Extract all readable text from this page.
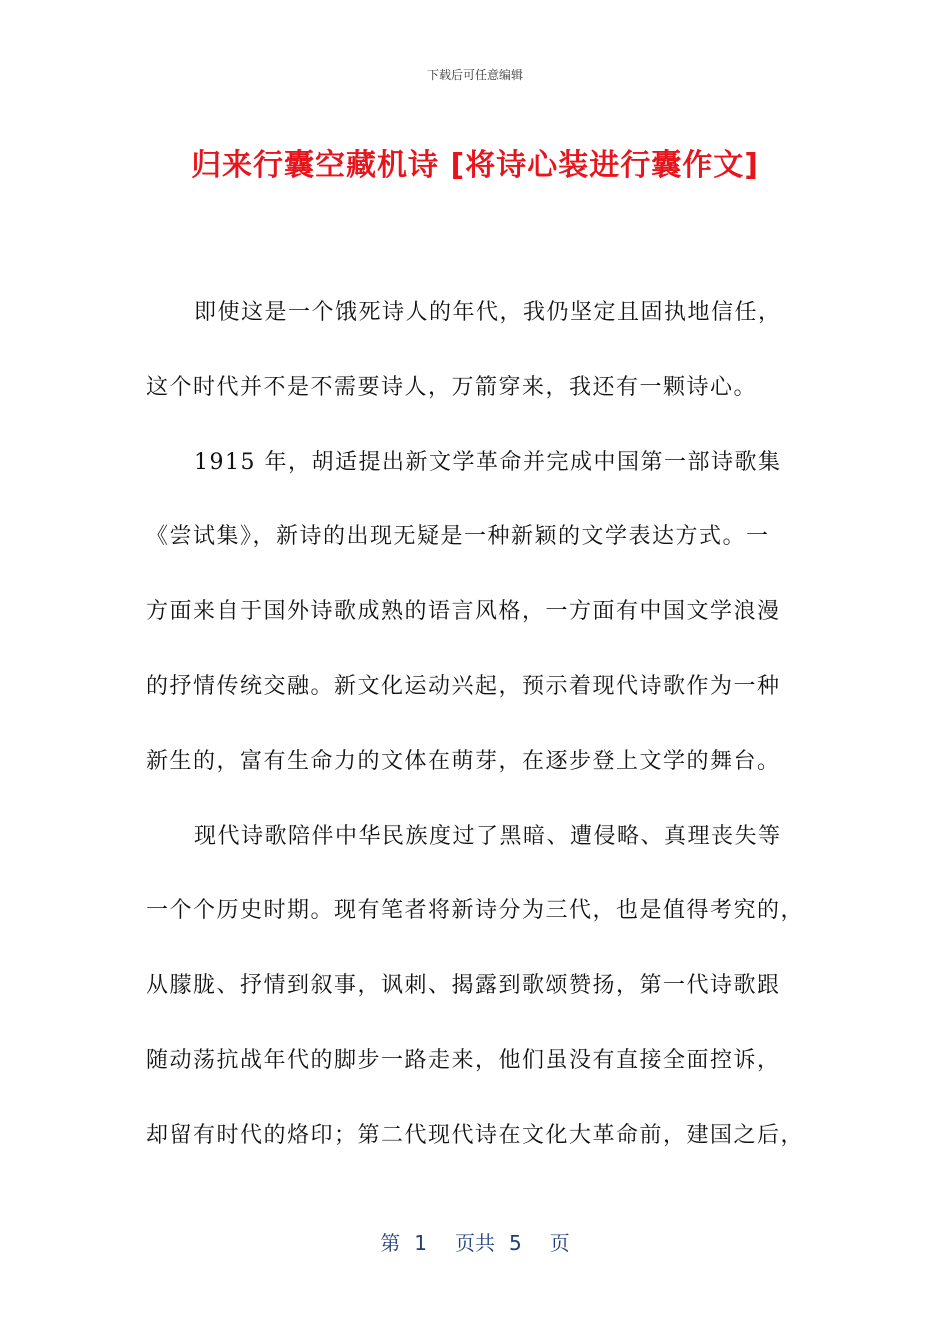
下载后可任意编辑
归来行囊空藏机诗 [将诗心装进行囊作文]
即使这是一个饿死诗人的年代，我仍坚定且固执地信任，
这个时代并不是不需要诗人，万箭穿来，我还有一颗诗心。
1915 年，胡适提出新文学革命并完成中国第一部诗歌集
《尝试集》，新诗的出现无疑是一种新颖的文学表达方式。一
方面来自于国外诗歌成熟的语言风格，一方面有中国文学浪漫
的抒情传统交融。新文化运动兴起，预示着现代诗歌作为一种
新生的，富有生命力的文体在萌芽，在逐步登上文学的舞台。
现代诗歌陪伴中华民族度过了黑暗、遭侵略、真理丧失等
一个个历史时期。现有笔者将新诗分为三代，也是值得考究的，
从朦胧、抒情到叙事，讽刺、揭露到歌颂赞扬，第一代诗歌跟
随动荡抗战年代的脚步一路走来，他们虽没有直接全面控诉，
却留有时代的烙印；第二代现代诗在文化大革命前，建国之后，
第 1 页共 5 页
